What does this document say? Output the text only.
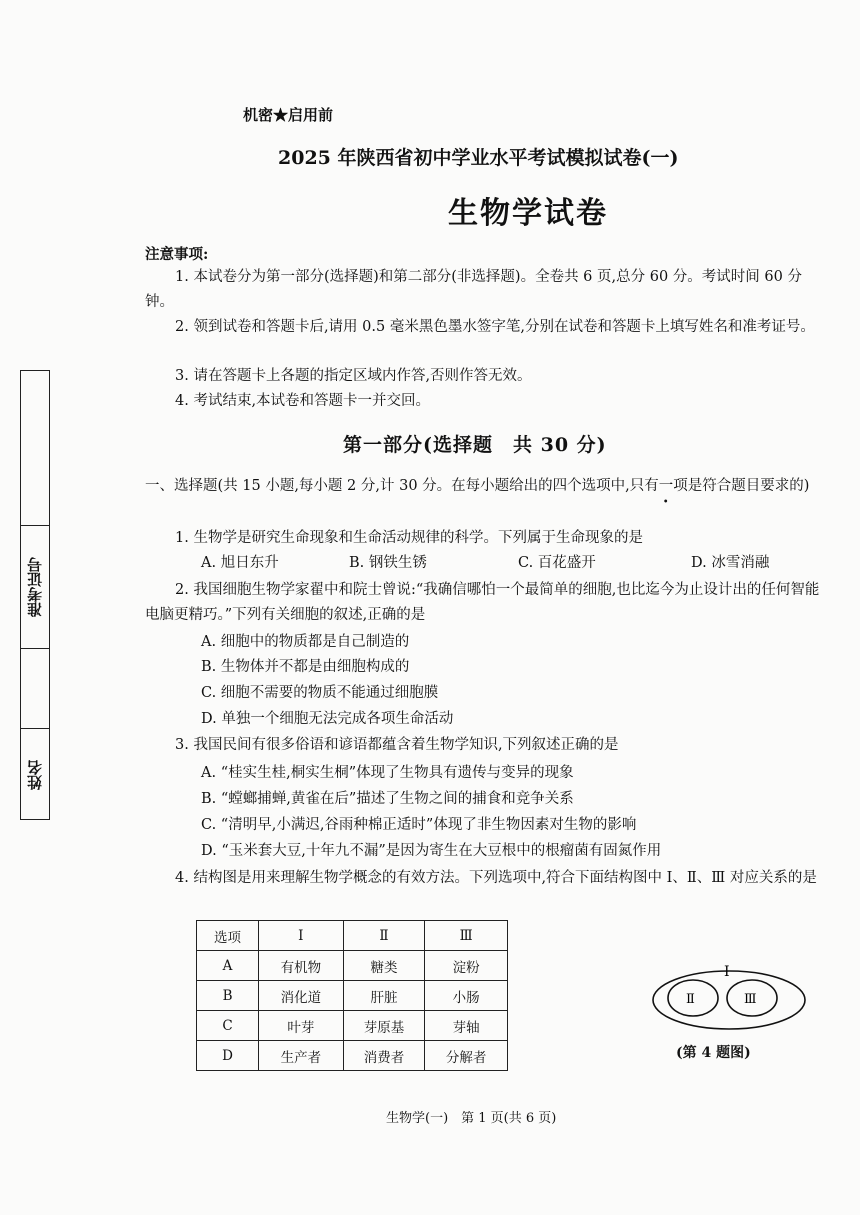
准考证号
姓名
机密★启用前
2025 年陕西省初中学业水平考试模拟试卷(一)
生物学试卷
注意事项:
1. 本试卷分为第一部分(选择题)和第二部分(非选择题)。全卷共 6 页,总分 60 分。考试时间 60 分钟。
2. 领到试卷和答题卡后,请用 0.5 毫米黑色墨水签字笔,分别在试卷和答题卡上填写姓名和准考证号。
3. 请在答题卡上各题的指定区域内作答,否则作答无效。
4. 考试结束,本试卷和答题卡一并交回。
第一部分(选择题　共 30 分)
一、选择题(共 15 小题,每小题 2 分,计 30 分。在每小题给出的四个选项中,只有一项是符合题目要求的)
1. 生物学是研究生命现象和生命活动规律的科学。下列属于生命现象的是
A. 旭日东升	B. 钢铁生锈	C. 百花盛开	D. 冰雪消融
2. 我国细胞生物学家翟中和院士曾说:“我确信哪怕一个最简单的细胞,也比迄今为止设计出的任何智能电脑更精巧。”下列有关细胞的叙述,正确的是
A. 细胞中的物质都是自己制造的
B. 生物体并不都是由细胞构成的
C. 细胞不需要的物质不能通过细胞膜
D. 单独一个细胞无法完成各项生命活动
3. 我国民间有很多俗语和谚语都蕴含着生物学知识,下列叙述正确的是
A. “桂实生桂,桐实生桐”体现了生物具有遗传与变异的现象
B. “螳螂捕蝉,黄雀在后”描述了生物之间的捕食和竞争关系
C. “清明早,小满迟,谷雨种棉正适时”体现了非生物因素对生物的影响
D. “玉米套大豆,十年九不漏”是因为寄生在大豆根中的根瘤菌有固氮作用
4. 结构图是用来理解生物学概念的有效方法。下列选项中,符合下面结构图中 Ⅰ、Ⅱ、Ⅲ 对应关系的是
选项	Ⅰ	Ⅱ	Ⅲ
A	有机物	糖类	淀粉
B	消化道	肝脏	小肠
C	叶芽	芽原基	芽轴
D	生产者	消费者	分解者
Ⅰ
Ⅱ	Ⅲ
(第 4 题图)
生物学(一)　第 1 页(共 6 页)
